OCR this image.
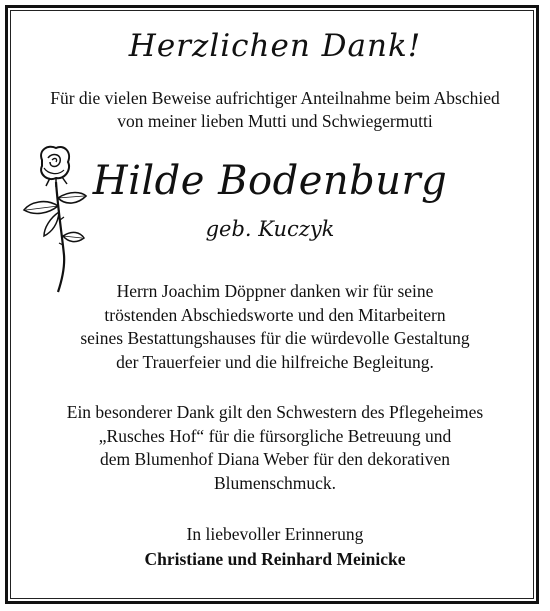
Herzlichen Dank!
Für die vielen Beweise aufrichtiger Anteilnahme beim Abschied
von meiner lieben Mutti und Schwiegermutti
Hilde Bodenburg
geb. Kuczyk
Herrn Joachim Döppner danken wir für seine
tröstenden Abschiedsworte und den Mitarbeitern
seines Bestattungshauses für die würdevolle Gestaltung
der Trauerfeier und die hilfreiche Begleitung.
Ein besonderer Dank gilt den Schwestern des Pflegeheimes
„Rusches Hof“ für die fürsorgliche Betreuung und
dem Blumenhof Diana Weber für den dekorativen
Blumenschmuck.
In liebevoller Erinnerung
Christiane und Reinhard Meinicke
